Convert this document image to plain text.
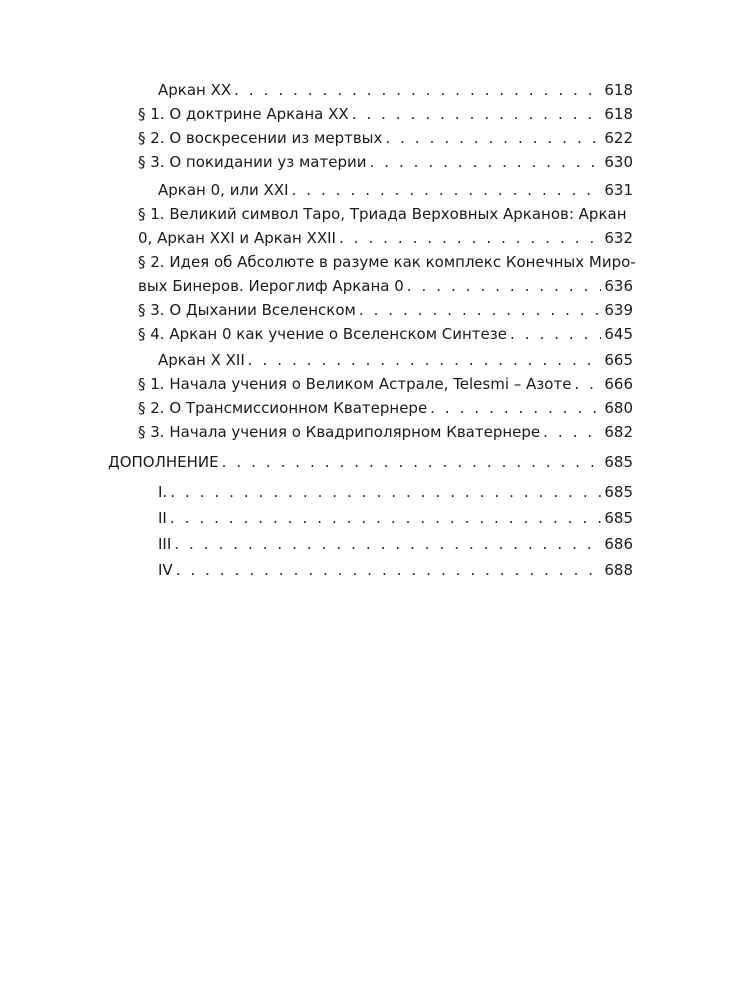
Аркан XX . . .	618
§ 1. О доктрине Аркана XX . . .	618
§ 2. О воскресении из мертвых . . .	622
§ 3. О покидании уз материи . . .	630
Аркан 0, или XXI . . .	631
§ 1. Великий символ Таро, Триада Верховных Арканов: Аркан
0, Аркан XXI и Аркан XXII . . .	632
§ 2. Идея об Абсолюте в разуме как комплекс Конечных Миро-
вых Бинеров. Иероглиф Аркана 0 . . .	636
§ 3. О Дыхании Вселенском . . .	639
§ 4. Аркан 0 как учение о Вселенском Синтезе . . .	645
Аркан X XII . . .	665
§ 1. Начала учения о Великом Астрале, Telesmi – Азоте . . . 666
§ 2. О Трансмиссионном Кватернере . . .	680
§ 3. Начала учения о Квадриполярном Кватернере . . .	682
ДОПОЛНЕНИЕ . . .	685
I. . . .	685
II . . .	685
III . . .	686
IV . . .	688
